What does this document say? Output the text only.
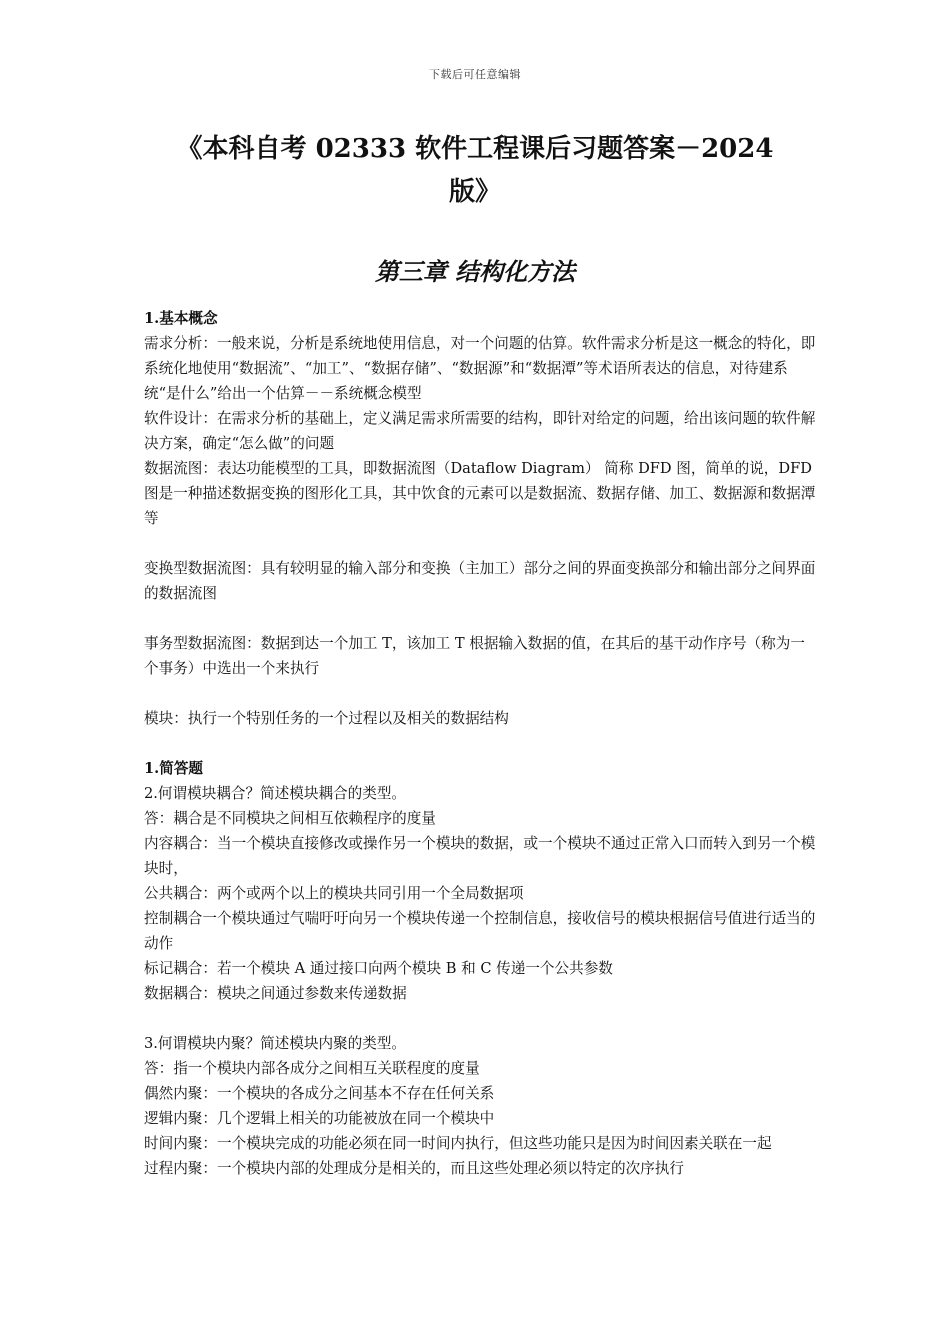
下载后可任意编辑
《本科自考 02333 软件工程课后习题答案－2024
版》
第三章 结构化方法

1.基本概念

需求分析：一般来说，分析是系统地使用信息，对一个问题的估算。软件需求分析是这一概念的特化，即系统化地使用“数据流”、“加工”、“数据存储”、“数据源”和“数据潭”等术语所表达的信息，对待建系统“是什么”给出一个估算－－系统概念模型

软件设计：在需求分析的基础上，定义满足需求所需要的结构，即针对给定的问题，给出该问题的软件解决方案，确定“怎么做”的问题

数据流图：表达功能模型的工具，即数据流图（Dataflow Diagram） 简称 DFD 图，简单的说，DFD 图是一种描述数据变换的图形化工具，其中饮食的元素可以是数据流、数据存储、加工、数据源和数据潭等

变换型数据流图：具有较明显的输入部分和变换（主加工）部分之间的界面变换部分和输出部分之间界面的数据流图

事务型数据流图：数据到达一个加工 T，该加工 T 根据输入数据的值，在其后的基干动作序号（称为一个事务）中选出一个来执行

模块：执行一个特别任务的一个过程以及相关的数据结构

1.简答题

2.何谓模块耦合？简述模块耦合的类型。

答：耦合是不同模块之间相互依赖程序的度量

内容耦合：当一个模块直接修改或操作另一个模块的数据，或一个模块不通过正常入口而转入到另一个模块时，

公共耦合：两个或两个以上的模块共同引用一个全局数据项

控制耦合一个模块通过气喘吁吁向另一个模块传递一个控制信息，接收信号的模块根据信号值进行适当的动作

标记耦合：若一个模块 A 通过接口向两个模块 B 和 C 传递一个公共参数

数据耦合：模块之间通过参数来传递数据

3.何谓模块内聚？简述模块内聚的类型。

答：指一个模块内部各成分之间相互关联程度的度量

偶然内聚：一个模块的各成分之间基本不存在任何关系

逻辑内聚：几个逻辑上相关的功能被放在同一个模块中

时间内聚：一个模块完成的功能必须在同一时间内执行，但这些功能只是因为时间因素关联在一起

过程内聚：一个模块内部的处理成分是相关的，而且这些处理必须以特定的次序执行
